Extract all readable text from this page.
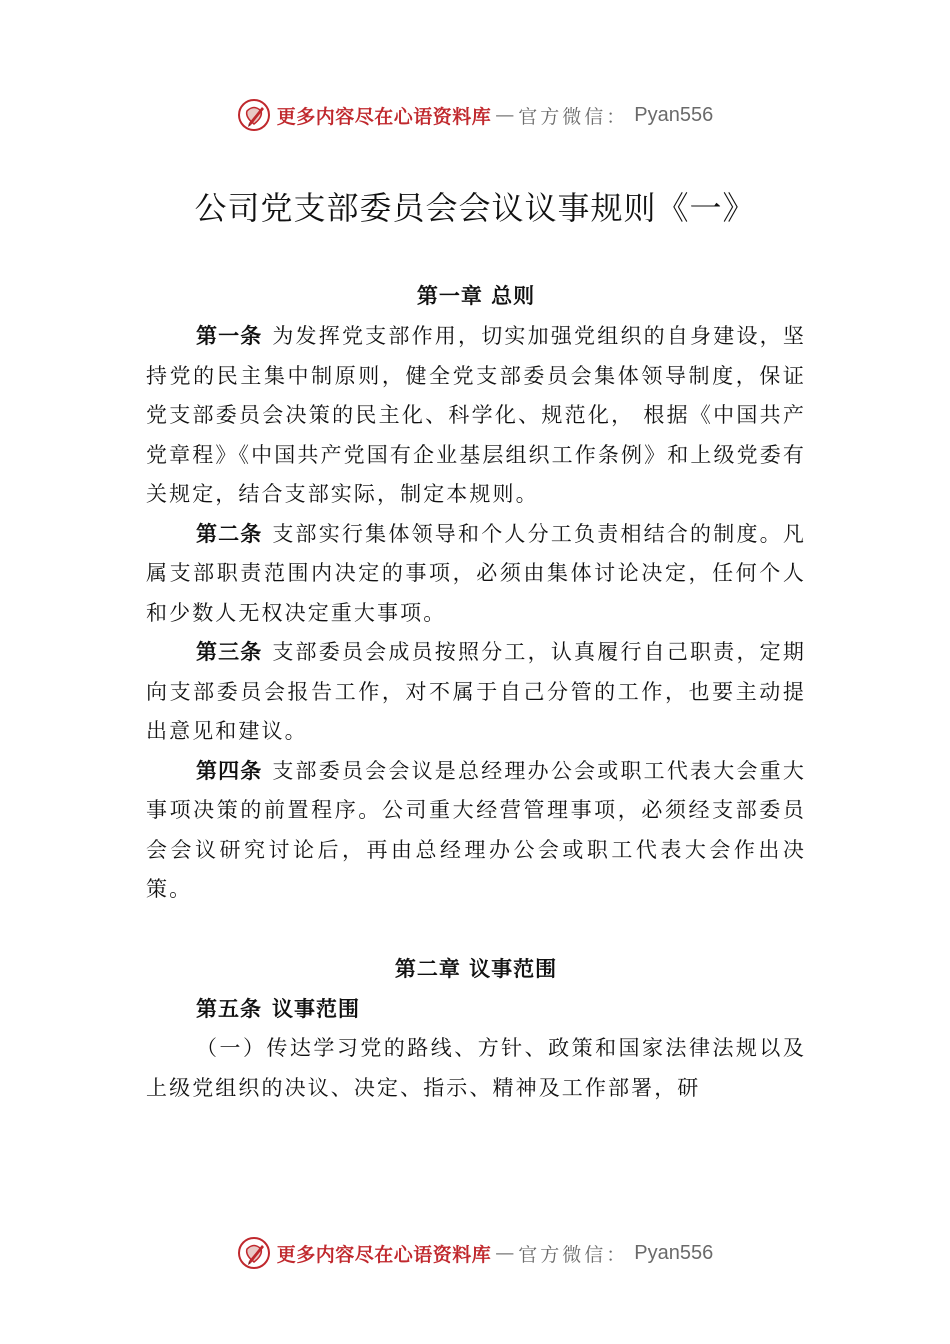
更多内容尽在心语资料库 — 官方微信： Pyan556
公司党支部委员会会议议事规则《一》
第一章 总则

第一条 为发挥党支部作用，切实加强党组织的自身建设，坚持党的民主集中制原则，健全党支部委员会集体领导制度，保证党支部委员会决策的民主化、科学化、规范化， 根据《中国共产党章程》《中国共产党国有企业基层组织工作条例》和上级党委有关规定，结合支部实际，制定本规则。

第二条 支部实行集体领导和个人分工负责相结合的制度。凡属支部职责范围内决定的事项，必须由集体讨论决定，任何个人和少数人无权决定重大事项。

第三条 支部委员会成员按照分工，认真履行自己职责，定期向支部委员会报告工作，对不属于自己分管的工作，也要主动提出意见和建议。

第四条 支部委员会会议是总经理办公会或职工代表大会重大事项决策的前置程序。公司重大经营管理事项，必须经支部委员会会议研究讨论后，再由总经理办公会或职工代表大会作出决策。

第二章 议事范围
第五条 议事范围

（一）传达学习党的路线、方针、政策和国家法律法规以及上级党组织的决议、决定、指示、精神及工作部署，研

更多内容尽在心语资料库 — 官方微信： Pyan556
